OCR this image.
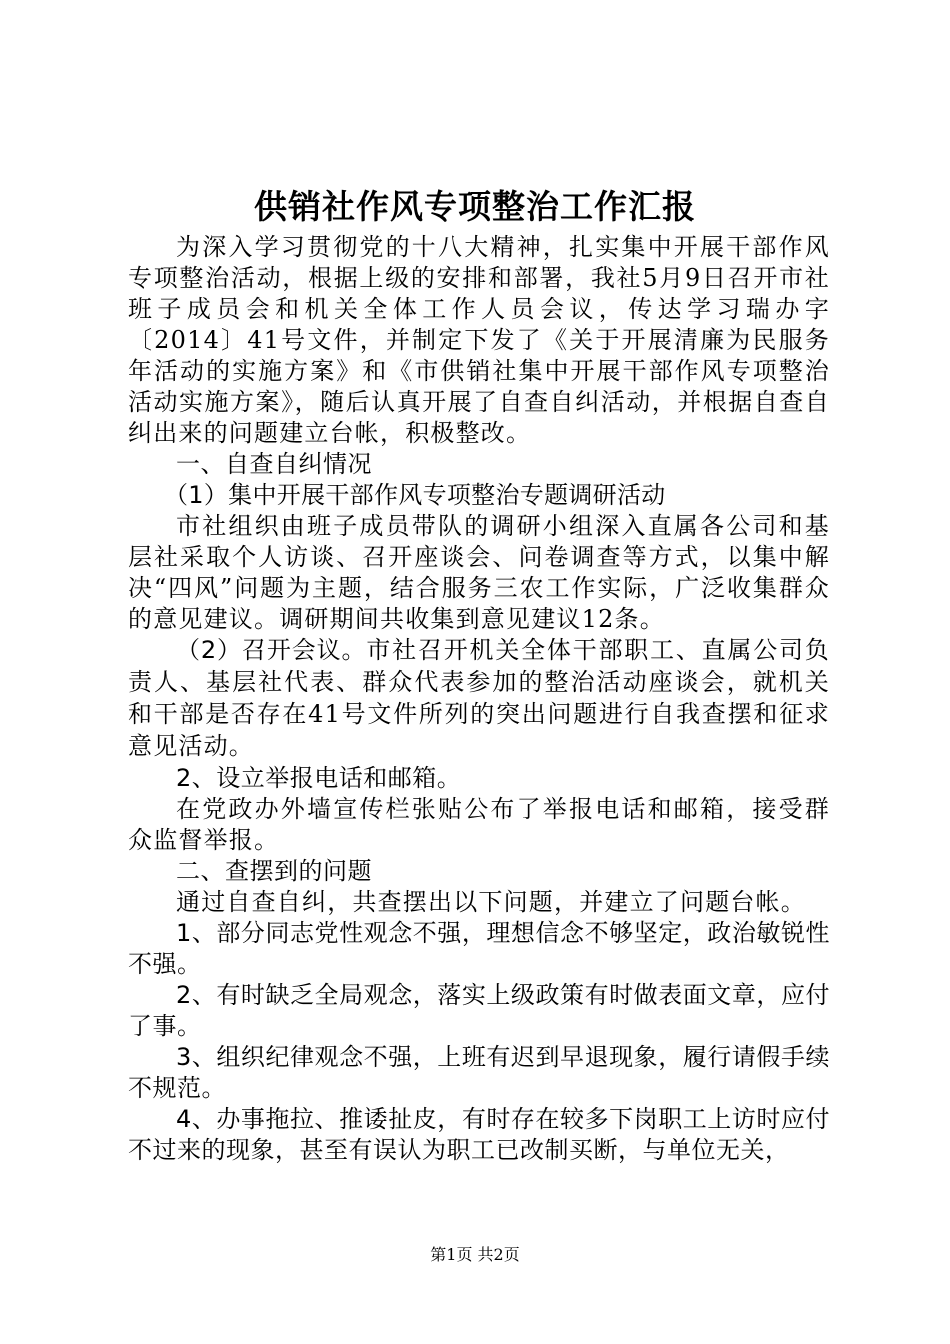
供销社作风专项整治工作汇报

为深入学习贯彻党的十八大精神，扎实集中开展干部作风专项整治活动，根据上级的安排和部署，我社5月9日召开市社班子成员会和机关全体工作人员会议，传达学习瑞办字〔2014〕41号文件，并制定下发了《关于开展清廉为民服务年活动的实施方案》和《市供销社集中开展干部作风专项整治活动实施方案》，随后认真开展了自查自纠活动，并根据自查自纠出来的问题建立台帐，积极整改。

一、自查自纠情况

（1）集中开展干部作风专项整治专题调研活动

市社组织由班子成员带队的调研小组深入直属各公司和基层社采取个人访谈、召开座谈会、问卷调查等方式，以集中解决“四风”问题为主题，结合服务三农工作实际，广泛收集群众的意见建议。调研期间共收集到意见建议12条。

（2）召开会议。市社召开机关全体干部职工、直属公司负责人、基层社代表、群众代表参加的整治活动座谈会，就机关和干部是否存在41号文件所列的突出问题进行自我查摆和征求意见活动。

2、设立举报电话和邮箱。

在党政办外墙宣传栏张贴公布了举报电话和邮箱，接受群众监督举报。

二、查摆到的问题

通过自查自纠，共查摆出以下问题，并建立了问题台帐。

1、部分同志党性观念不强，理想信念不够坚定，政治敏锐性不强。

2、有时缺乏全局观念，落实上级政策有时做表面文章，应付了事。

3、组织纪律观念不强，上班有迟到早退现象，履行请假手续不规范。

4、办事拖拉、推诿扯皮，有时存在较多下岗职工上访时应付不过来的现象，甚至有误认为职工已改制买断，与单位无关，

第1页 共2页
